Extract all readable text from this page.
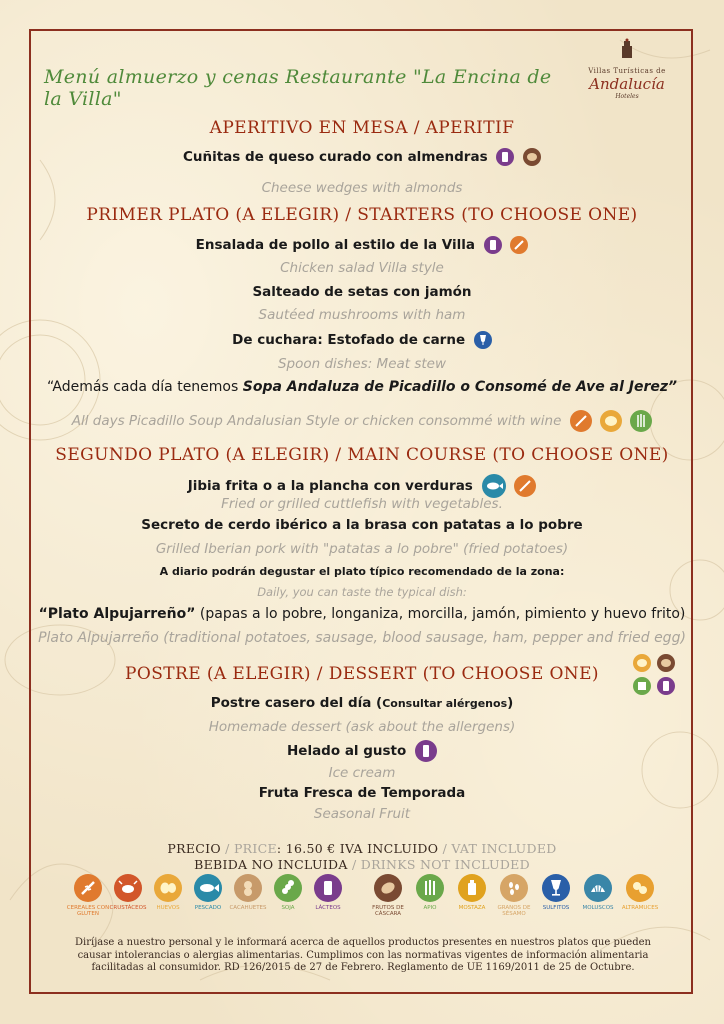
Menú almuerzo y cenas Restaurante "La Encina de la Villa"
Villas Turísticas de
Andalucía
Hoteles
APERITIVO EN MESA / APERITIF
Cuñitas de queso curado con almendras

Cheese wedges with almonds
PRIMER PLATO (A ELEGIR) / STARTERS (TO CHOOSE ONE)
Ensalada de pollo al estilo de la Villa

Chicken salad Villa style
Salteado de setas con jamón
Sautéed mushrooms with ham
De cuchara: Estofado de carne
Spoon dishes: Meat stew
“Además cada día tenemos Sopa Andaluza de Picadillo o Consomé de Ave al Jerez”
All days Picadillo Soup Andalusian Style or chicken consommé with wine

SEGUNDO PLATO (A ELEGIR) / MAIN COURSE (TO CHOOSE ONE)
Jibia frita o a la plancha con verduras

Fried or grilled cuttlefish with vegetables.
Secreto de cerdo ibérico a la brasa con patatas a lo pobre
Grilled Iberian pork with "patatas a lo pobre" (fried potatoes)
A diario podrán degustar el plato típico recomendado de la zona:
Daily, you can taste the typical dish:
“Plato Alpujarreño” (papas a lo pobre, longaniza, morcilla, jamón, pimiento y huevo frito)
Plato Alpujarreño (traditional potatoes, sausage, blood sausage, ham, pepper and fried egg)
POSTRE (A ELEGIR) / DESSERT (TO CHOOSE ONE)
Postre casero del día (Consultar alérgenos)
Homemade dessert (ask about the allergens)
Helado al gusto
Ice cream
Fruta Fresca de Temporada
Seasonal Fruit
PRECIO / PRICE: 16.50 € IVA INCLUIDO / VAT INCLUDED
BEBIDA NO INCLUIDA / DRINKS NOT INCLUDED
CEREALES CON GLUTEN
CRUSTÁCEOS	HUEVOS	PESCADO	CACAHUETES	SOJA	LÁCTEOS	FRUTOS DE CÁSCARA
APIO	MOSTAZA	GRANOS DE SÉSAMO
SULFITOS	MOLUSCOS	ALTRAMUCES
Diríjase a nuestro personal y le informará acerca de aquellos productos presentes en nuestros platos que pueden causar intolerancias o alergias alimentarias. Cumplimos con las normativas vigentes de información alimentaria facilitadas al consumidor. RD 126/2015 de 27 de Febrero. Reglamento de UE 1169/2011 de 25 de Octubre.
